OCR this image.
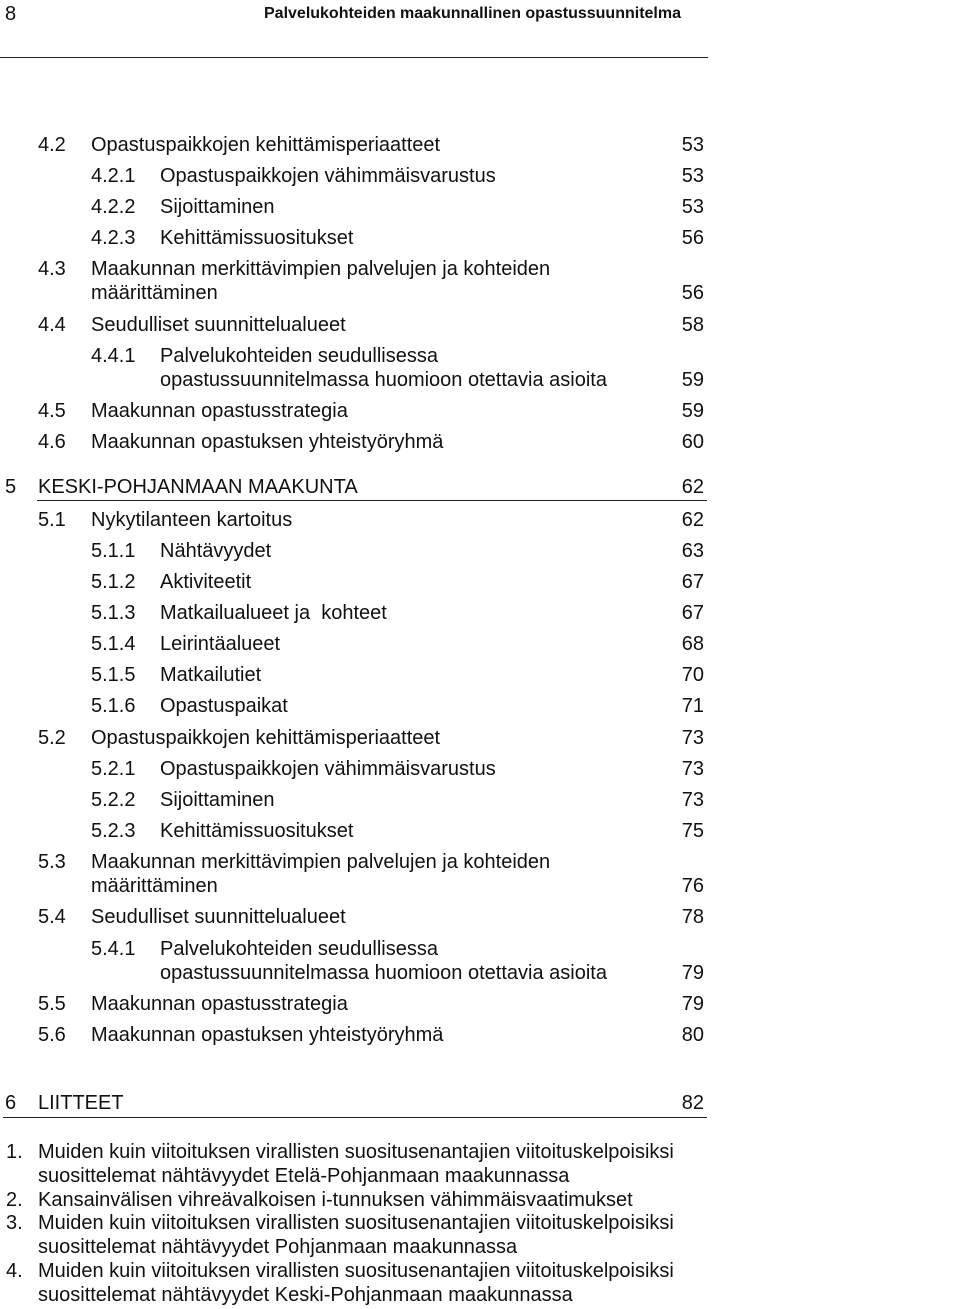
8	Palvelukohteiden maakunnallinen opastussuunnitelma
4.2 Opastuspaikkojen kehittämisperiaatteet	53
4.2.1 Opastuspaikkojen vähimmäisvarustus	53
4.2.2 Sijoittaminen	53
4.2.3 Kehittämissuositukset	56
4.3 Maakunnan merkittävimpien palvelujen ja kohteiden
määrittäminen	56
4.4 Seudulliset suunnittelualueet	58
4.4.1 Palvelukohteiden seudullisessa
opastussuunnitelmassa huomioon otettavia asioita	59
4.5 Maakunnan opastusstrategia	59
4.6 Maakunnan opastuksen yhteistyöryhmä	60
5 KESKI-POHJANMAAN MAAKUNTA	62
5.1 Nykytilanteen kartoitus	62
5.1.1 Nähtävyydet	63
5.1.2 Aktiviteetit	67
5.1.3 Matkailualueet ja  kohteet	67
5.1.4 Leirintäalueet	68
5.1.5 Matkailutiet	70
5.1.6 Opastuspaikat	71
5.2 Opastuspaikkojen kehittämisperiaatteet	73
5.2.1 Opastuspaikkojen vähimmäisvarustus	73
5.2.2 Sijoittaminen	73
5.2.3 Kehittämissuositukset	75
5.3 Maakunnan merkittävimpien palvelujen ja kohteiden
määrittäminen	76
5.4 Seudulliset suunnittelualueet	78
5.4.1 Palvelukohteiden seudullisessa
opastussuunnitelmassa huomioon otettavia asioita	79
5.5 Maakunnan opastusstrategia	79
5.6 Maakunnan opastuksen yhteistyöryhmä	80
6 LIITTEET	82
1. Muiden kuin viitoituksen virallisten suositusenantajien viitoituskelpoisiksi
suosittelemat nähtävyydet Etelä-Pohjanmaan maakunnassa
2. Kansainvälisen vihreävalkoisen i-tunnuksen vähimmäisvaatimukset
3. Muiden kuin viitoituksen virallisten suositusenantajien viitoituskelpoisiksi
suosittelemat nähtävyydet Pohjanmaan maakunnassa
4. Muiden kuin viitoituksen virallisten suositusenantajien viitoituskelpoisiksi
suosittelemat nähtävyydet Keski-Pohjanmaan maakunnassa
